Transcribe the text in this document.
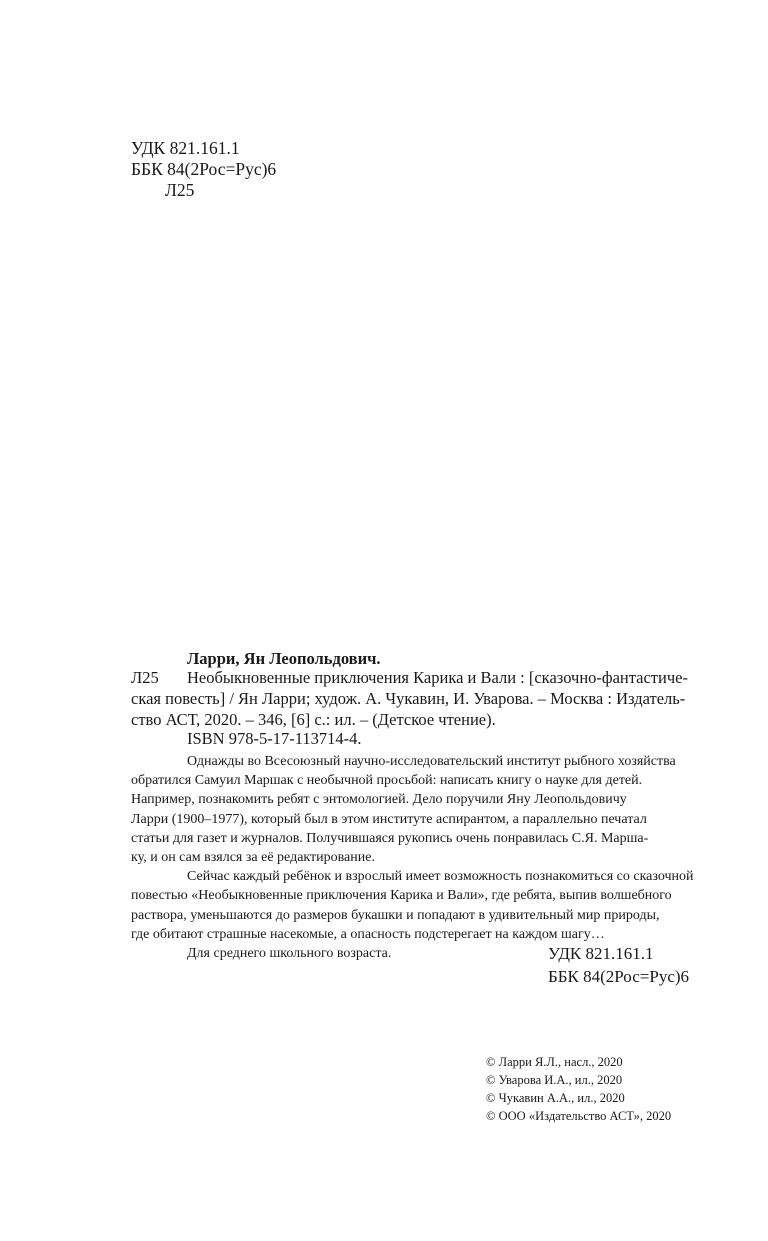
УДК 821.161.1
ББК 84(2Рос=Рус)6
Л25
Ларри, Ян Леопольдович.
Л25 Необыкновенные приключения Карика и Вали : [сказочно-фантастиче-
ская повесть] / Ян Ларри; худож. А. Чукавин, И. Уварова. – Москва : Издатель-
ство АСТ, 2020. – 346, [6] с.: ил. – (Детское чтение).
ISBN 978-5-17-113714-4.
Однажды во Всесоюзный научно-исследовательский институт рыбного хозяйства
обратился Самуил Маршак с необычной просьбой: написать книгу о науке для детей.
Например, познакомить ребят с энтомологией. Дело поручили Яну Леопольдовичу
Ларри (1900–1977), который был в этом институте аспирантом, а параллельно печатал
статьи для газет и журналов. Получившаяся рукопись очень понравилась С.Я. Марша-
ку, и он сам взялся за её редактирование.
Сейчас каждый ребёнок и взрослый имеет возможность познакомиться со сказочной
повестью «Необыкновенные приключения Карика и Вали», где ребята, выпив волшебного
раствора, уменьшаются до размеров букашки и попадают в удивительный мир природы,
где обитают страшные насекомые, а опасность подстерегает на каждом шагу…
Для среднего школьного возраста.	УДК 821.161.1
ББК 84(2Рос=Рус)6
© Ларри Я.Л., насл., 2020
© Уварова И.А., ил., 2020
© Чукавин А.А., ил., 2020
© ООО «Издательство АСТ», 2020
